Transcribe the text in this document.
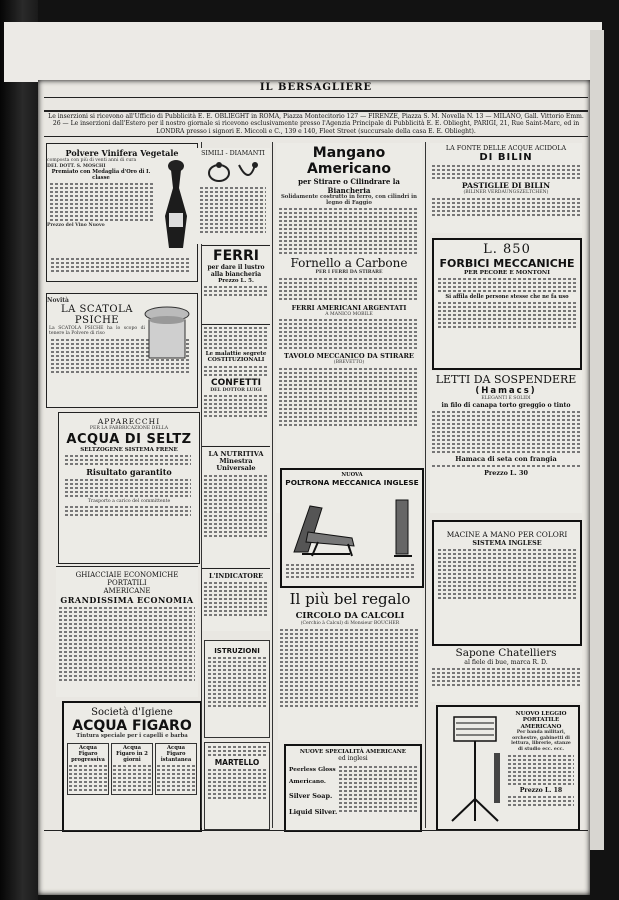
IL BERSAGLIERE
Le inserzioni si ricevono all'Ufficio di Pubblicità E. E. OBLIEGHT in ROMA, Piazza Montecitorio 127 — FIRENZE, Piazza S. M. Novella N. 13 — MILANO, Gall. Vittorio Emm. 26 — Le inserzioni dall'Estero per il nostro giornale si ricevono esclusivamente presso l'Agenzia Principale di Pubblicità E. E. Oblieght, PARIGI, 21, Rue Saint-Marc, ed in LONDRA presso i signori E. Miccoli e C., 139 e 140, Fleet Street (succursale della casa E. E. Oblieght).
Polvere Vinifera Vegetale
composta con più di venti anni di cura
DEL DOTT. S. MOSCHI
Premiato con Medaglia d'Oro di I. classe
Prezzo del Vino Nuovo
Novità
LA SCATOLA PSICHE
La SCATOLA PSICHE ha lo scopo di tenere la Polvere di riso
APPARECCHI
PER LA FABBRICAZIONE DELLA
ACQUA DI SELTZ
SELTZOGENE SISTEMA FRENE
Risultato garantito
Trasporto a carico del committente
GHIACCIAIE ECONOMICHE PORTATILI
AMERICANE
GRANDISSIMA ECONOMIA
Società d'Igiene
ACQUA FIGARO
Tintura speciale per i capelli e barba
Acqua Figaro progressiva
Acqua Figaro in 2 giorni
Acqua Figaro istantanea
SIMILI - DIAMANTI
FERRI
per dare il lustro alla biancheria
Prezzo L. 5.
Le malattie segrete COSTITUZIONALI
CONFETTI
DEL DOTTOR LUIGI
LA NUTRITIVA Minestra Universale
L'INDICATORE
ISTRUZIONI
MARTELLO
Mangano Americano
per Stirare o Cilindrare la Biancheria
Solidamente costrutto in ferro, con cilindri in legno di Faggio
Fornello a Carbone
PER I FERRI DA STIRARE
FERRI AMERICANI ARGENTATI
A MANICO MOBILE
TAVOLO MECCANICO DA STIRARE
(BREVETTO)
NUOVA
POLTRONA MECCANICA INGLESE
Il più bel regalo
CIRCOLO DA CALCOLI
(Cerchio à Calcul) di Monsieur BOUCHER
NUOVE SPECIALITÀ AMERICANE
ed inglesi
Peerless Gloss Americano.
Silver Soap.
Liquid Silver.
LA FONTE DELLE ACQUE ACIDOLA
DI BILIN
PASTIGLIE DI BILIN
(BILINER VERDAUNGSZELTCHEN)
L. 850
FORBICI MECCANICHE
PER PECORE E MONTONI
Si affila delle persone stesse che ne fa uso
LETTI DA SOSPENDERE
(Hamacs)
ELEGANTI E SOLIDI
in filo di canapa torto greggio o tinto
Hamaca di seta con frangia
Prezzo L. 30
MACINE A MANO PER COLORI
SISTEMA INGLESE
Sapone Chatelliers
al fiele di bue, marca R. D.
NUOVO LEGGIO PORTATILE AMERICANO
Per banda militari, orchestre, gabinetti di lettura, librerie, stanze di studio ecc. ecc.
Prezzo L. 18
